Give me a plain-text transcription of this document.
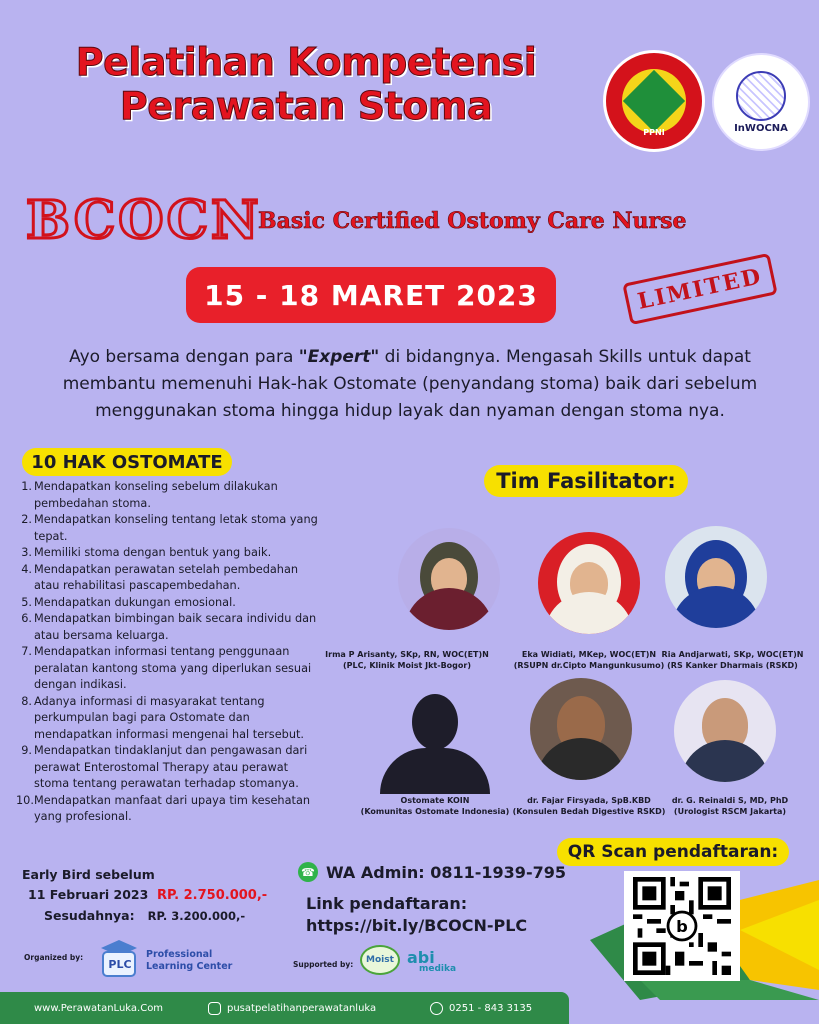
Pelatihan Kompetensi
Perawatan Stoma
PPNI	InWOCNA
BCOCN
Basic Certified Ostomy Care Nurse
15 - 18 MARET 2023	LIMITED

Ayo bersama dengan para "Expert" di bidangnya. Mengasah Skills untuk dapat membantu memenuhi Hak-hak Ostomate (penyandang stoma) baik dari sebelum menggunakan stoma hingga hidup layak dan nyaman dengan stoma nya.

10 HAK OSTOMATE
1. Mendapatkan konseling sebelum dilakukan pembedahan stoma.
2. Mendapatkan konseling tentang letak stoma yang tepat.
3. Memiliki stoma dengan bentuk yang baik.
4. Mendapatkan perawatan setelah pembedahan atau rehabilitasi pascapembedahan.
5. Mendapatkan dukungan emosional.
6. Mendapatkan bimbingan baik secara individu dan atau bersama keluarga.
7. Mendapatkan informasi tentang penggunaan peralatan kantong stoma yang diperlukan sesuai dengan indikasi.
8. Adanya informasi di masyarakat tentang perkumpulan bagi para Ostomate dan mendapatkan informasi mengenai hal tersebut.
9. Mendapatkan tindaklanjut dan pengawasan dari perawat Enterostomal Therapy atau perawat stoma tentang perawatan terhadap stomanya.
10. Mendapatkan manfaat dari upaya tim kesehatan yang profesional.
Tim Fasilitator:
Irma P Arisanty, SKp, RN, WOC(ET)N
(PLC, Klinik Moist Jkt-Bogor)
Eka Widiati, MKep, WOC(ET)N
(RSUPN dr.Cipto Mangunkusumo)
Ria Andjarwati, SKp, WOC(ET)N
(RS Kanker Dharmais (RSKD)
Ostomate KOIN
(Komunitas Ostomate Indonesia)
dr. Fajar Firsyada, SpB.KBD
(Konsulen Bedah Digestive RSKD)
dr. G. Reinaldi S, MD, PhD
(Urologist RSCM Jakarta)
Early Bird sebelum
11 Februari 2023 RP. 2.750.000,-
Sesudahnya: RP. 3.200.000,-
☎ WA Admin: 0811-1939-795
Link pendaftaran:
https://bit.ly/BCOCN-PLC
QR Scan pendaftaran:
b
Organized by:
PLC
Professional
Learning Center	Supported by:	Moist abi
medika
www.PerawatanLuka.Com	pusatpelatihanperawatanluka	0251 - 843 3135
